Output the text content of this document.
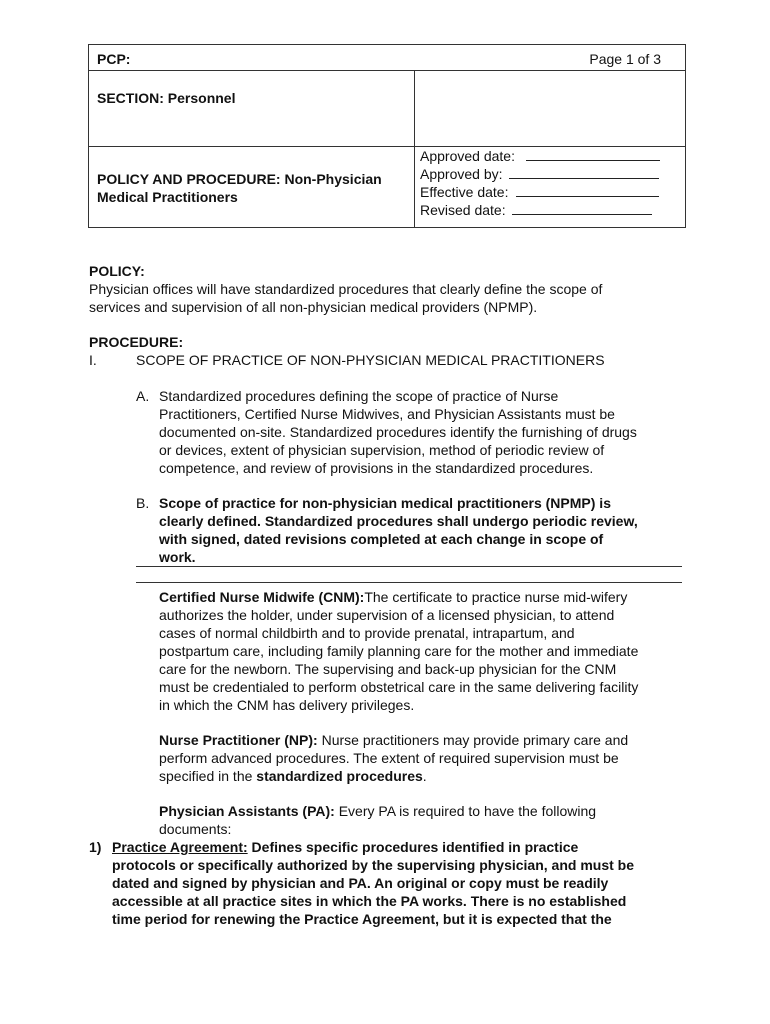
PCP:	Page 1 of 3
SECTION: Personnel
POLICY AND PROCEDURE: Non-Physician
Medical Practitioners
Approved date:
Approved by:
Effective date:
Revised date:
POLICY:
Physician offices will have standardized procedures that clearly define the scope of
services and supervision of all non-physician medical providers (NPMP).
PROCEDURE:
I.	SCOPE OF PRACTICE OF NON-PHYSICIAN MEDICAL PRACTITIONERS
A. Standardized procedures defining the scope of practice of Nurse
Practitioners, Certified Nurse Midwives, and Physician Assistants must be
documented on-site. Standardized procedures identify the furnishing of drugs
or devices, extent of physician supervision, method of periodic review of
competence, and review of provisions in the standardized procedures.
B. Scope of practice for non-physician medical practitioners (NPMP) is
clearly defined. Standardized procedures shall undergo periodic review,
with signed, dated revisions completed at each change in scope of
work.
Certified Nurse Midwife (CNM):The certificate to practice nurse mid-wifery
authorizes the holder, under supervision of a licensed physician, to attend
cases of normal childbirth and to provide prenatal, intrapartum, and
postpartum care, including family planning care for the mother and immediate
care for the newborn. The supervising and back-up physician for the CNM
must be credentialed to perform obstetrical care in the same delivering facility
in which the CNM has delivery privileges.
Nurse Practitioner (NP): Nurse practitioners may provide primary care and
perform advanced procedures. The extent of required supervision must be
specified in the standardized procedures.
Physician Assistants (PA): Every PA is required to have the following
documents:
1) Practice Agreement: Defines specific procedures identified in practice
protocols or specifically authorized by the supervising physician, and must be
dated and signed by physician and PA. An original or copy must be readily
accessible at all practice sites in which the PA works. There is no established
time period for renewing the Practice Agreement, but it is expected that the
